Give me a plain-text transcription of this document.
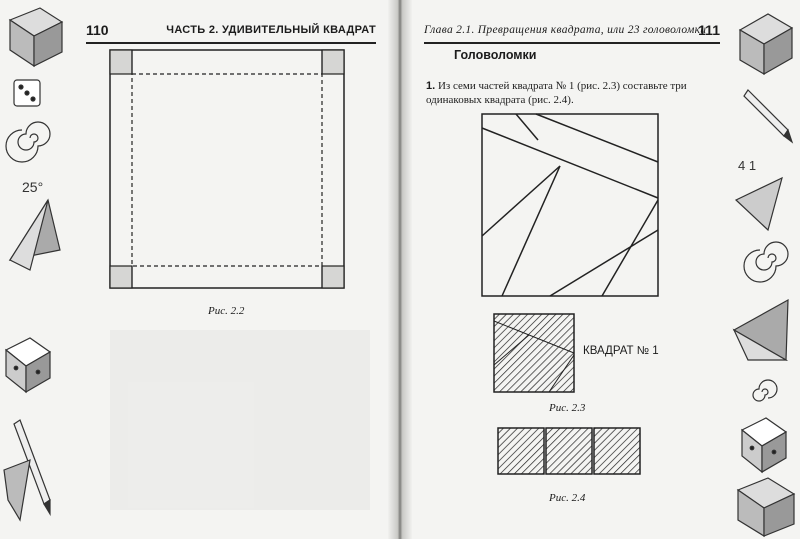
25°
110	ЧАСТЬ 2. УДИВИТЕЛЬНЫЙ КВАДРАТ
Рис. 2.2
4 1
Глава 2.1. Превращения квадрата, или 23 головоломки
111
Головоломки
1. Из семи частей квадрата № 1 (рис. 2.3) составьте три одинаковых квадрата (рис. 2.4).
КВАДРАТ № 1
Рис. 2.3
Рис. 2.4
